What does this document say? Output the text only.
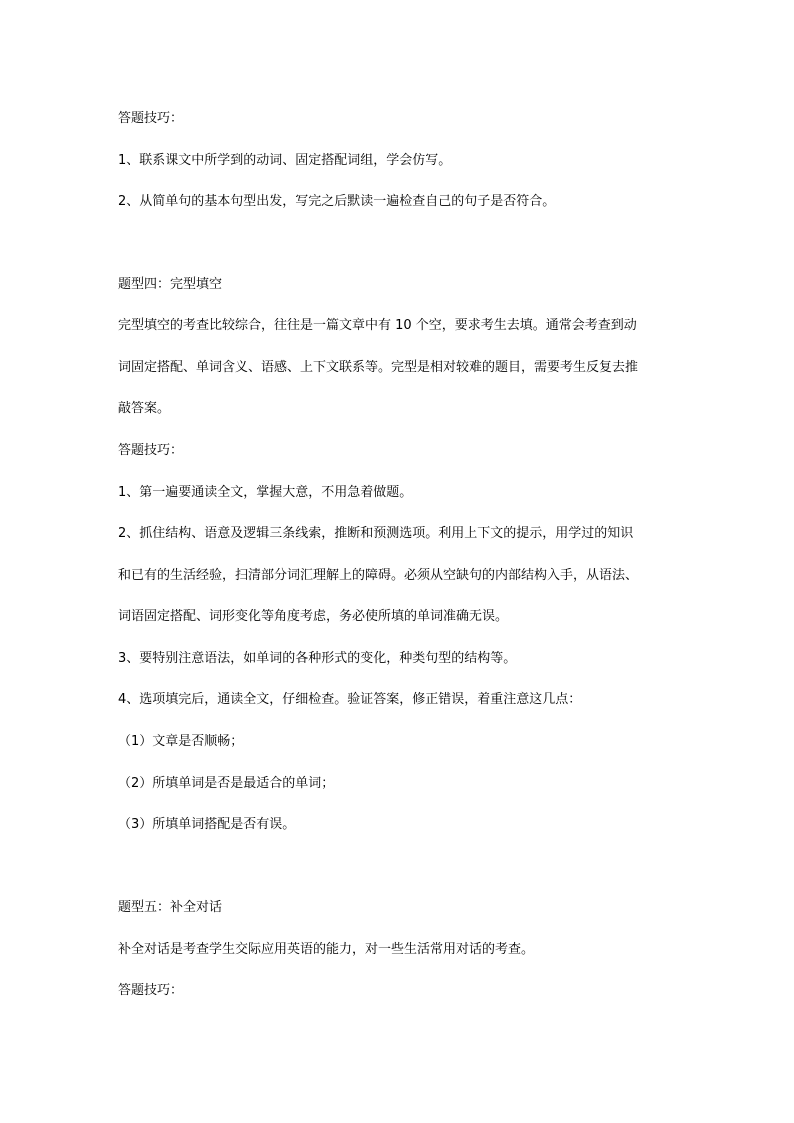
答题技巧：
1、联系课文中所学到的动词、固定搭配词组，学会仿写。
2、从简单句的基本句型出发，写完之后默读一遍检查自己的句子是否符合。
题型四：完型填空
完型填空的考查比较综合，往往是一篇文章中有 10 个空，要求考生去填。通常会考查到动
词固定搭配、单词含义、语感、上下文联系等。完型是相对较难的题目，需要考生反复去推
敲答案。
答题技巧：
1、第一遍要通读全文，掌握大意，不用急着做题。
2、抓住结构、语意及逻辑三条线索，推断和预测选项。利用上下文的提示，用学过的知识
和已有的生活经验，扫清部分词汇理解上的障碍。必须从空缺句的内部结构入手，从语法、
词语固定搭配、词形变化等角度考虑，务必使所填的单词准确无误。
3、要特别注意语法，如单词的各种形式的变化，种类句型的结构等。
4、选项填完后，通读全文，仔细检查。验证答案，修正错误，着重注意这几点：
（1）文章是否顺畅；
（2）所填单词是否是最适合的单词；
（3）所填单词搭配是否有误。
题型五：补全对话
补全对话是考查学生交际应用英语的能力，对一些生活常用对话的考查。
答题技巧：
